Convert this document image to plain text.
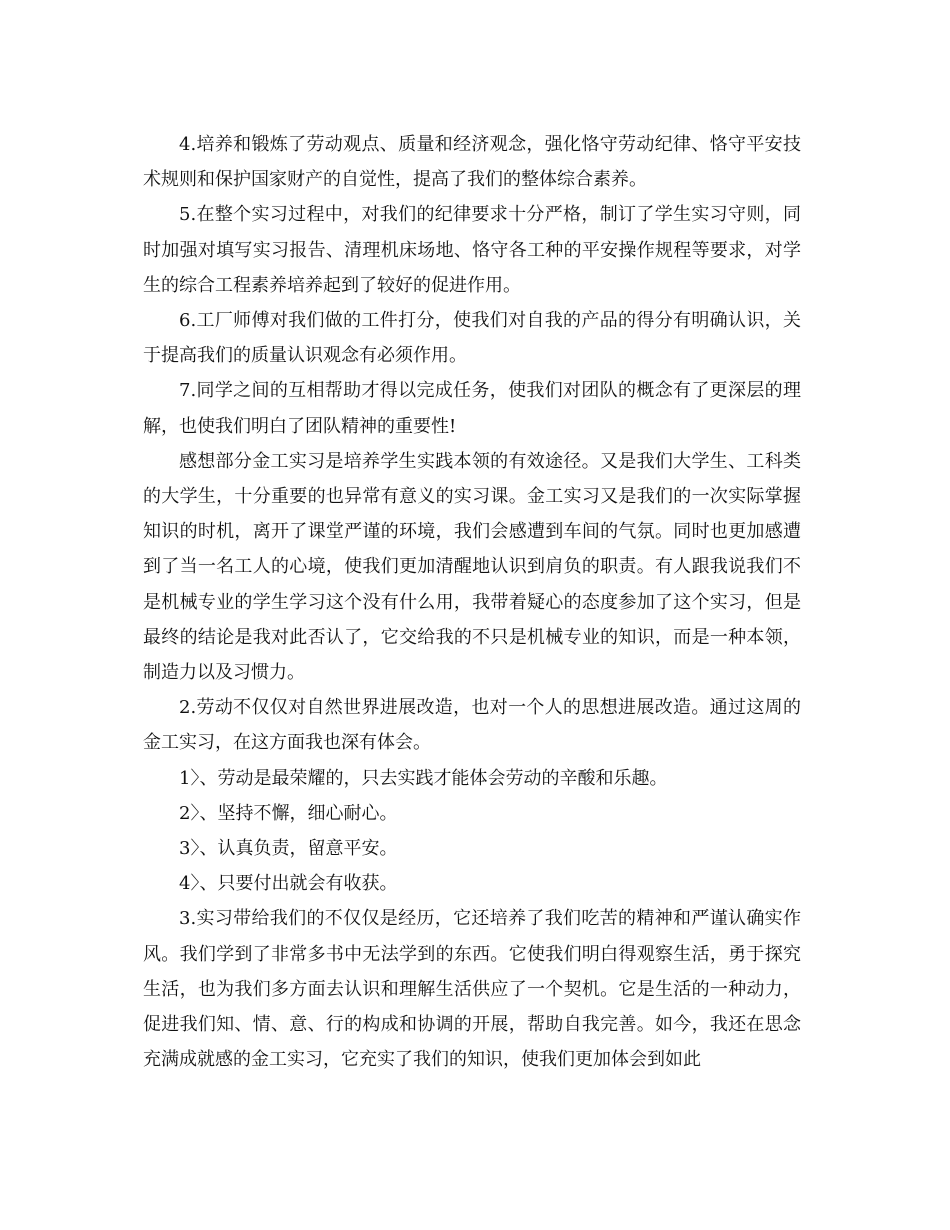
4.培养和锻炼了劳动观点、质量和经济观念，强化恪守劳动纪律、恪守平安技术规则和保护国家财产的自觉性，提高了我们的整体综合素养。

5.在整个实习过程中，对我们的纪律要求十分严格，制订了学生实习守则，同时加强对填写实习报告、清理机床场地、恪守各工种的平安操作规程等要求，对学生的综合工程素养培养起到了较好的促进作用。

6.工厂师傅对我们做的工件打分，使我们对自我的产品的得分有明确认识，关于提高我们的质量认识观念有必须作用。

7.同学之间的互相帮助才得以完成任务，使我们对团队的概念有了更深层的理解，也使我们明白了团队精神的重要性!

感想部分金工实习是培养学生实践本领的有效途径。又是我们大学生、工科类的大学生，十分重要的也异常有意义的实习课。金工实习又是我们的一次实际掌握知识的时机，离开了课堂严谨的环境，我们会感遭到车间的气氛。同时也更加感遭到了当一名工人的心境，使我们更加清醒地认识到肩负的职责。有人跟我说我们不是机械专业的学生学习这个没有什么用，我带着疑心的态度参加了这个实习，但是最终的结论是我对此否认了，它交给我的不只是机械专业的知识，而是一种本领，制造力以及习惯力。

2.劳动不仅仅对自然世界进展改造，也对一个人的思想进展改造。通过这周的金工实习，在这方面我也深有体会。

1〉、劳动是最荣耀的，只去实践才能体会劳动的辛酸和乐趣。

2〉、坚持不懈，细心耐心。

3〉、认真负责，留意平安。

4〉、只要付出就会有收获。

3.实习带给我们的不仅仅是经历，它还培养了我们吃苦的精神和严谨认确实作风。我们学到了非常多书中无法学到的东西。它使我们明白得观察生活，勇于探究生活，也为我们多方面去认识和理解生活供应了一个契机。它是生活的一种动力，促进我们知、情、意、行的构成和协调的开展，帮助自我完善。如今，我还在思念充满成就感的金工实习，它充实了我们的知识，使我们更加体会到如此
